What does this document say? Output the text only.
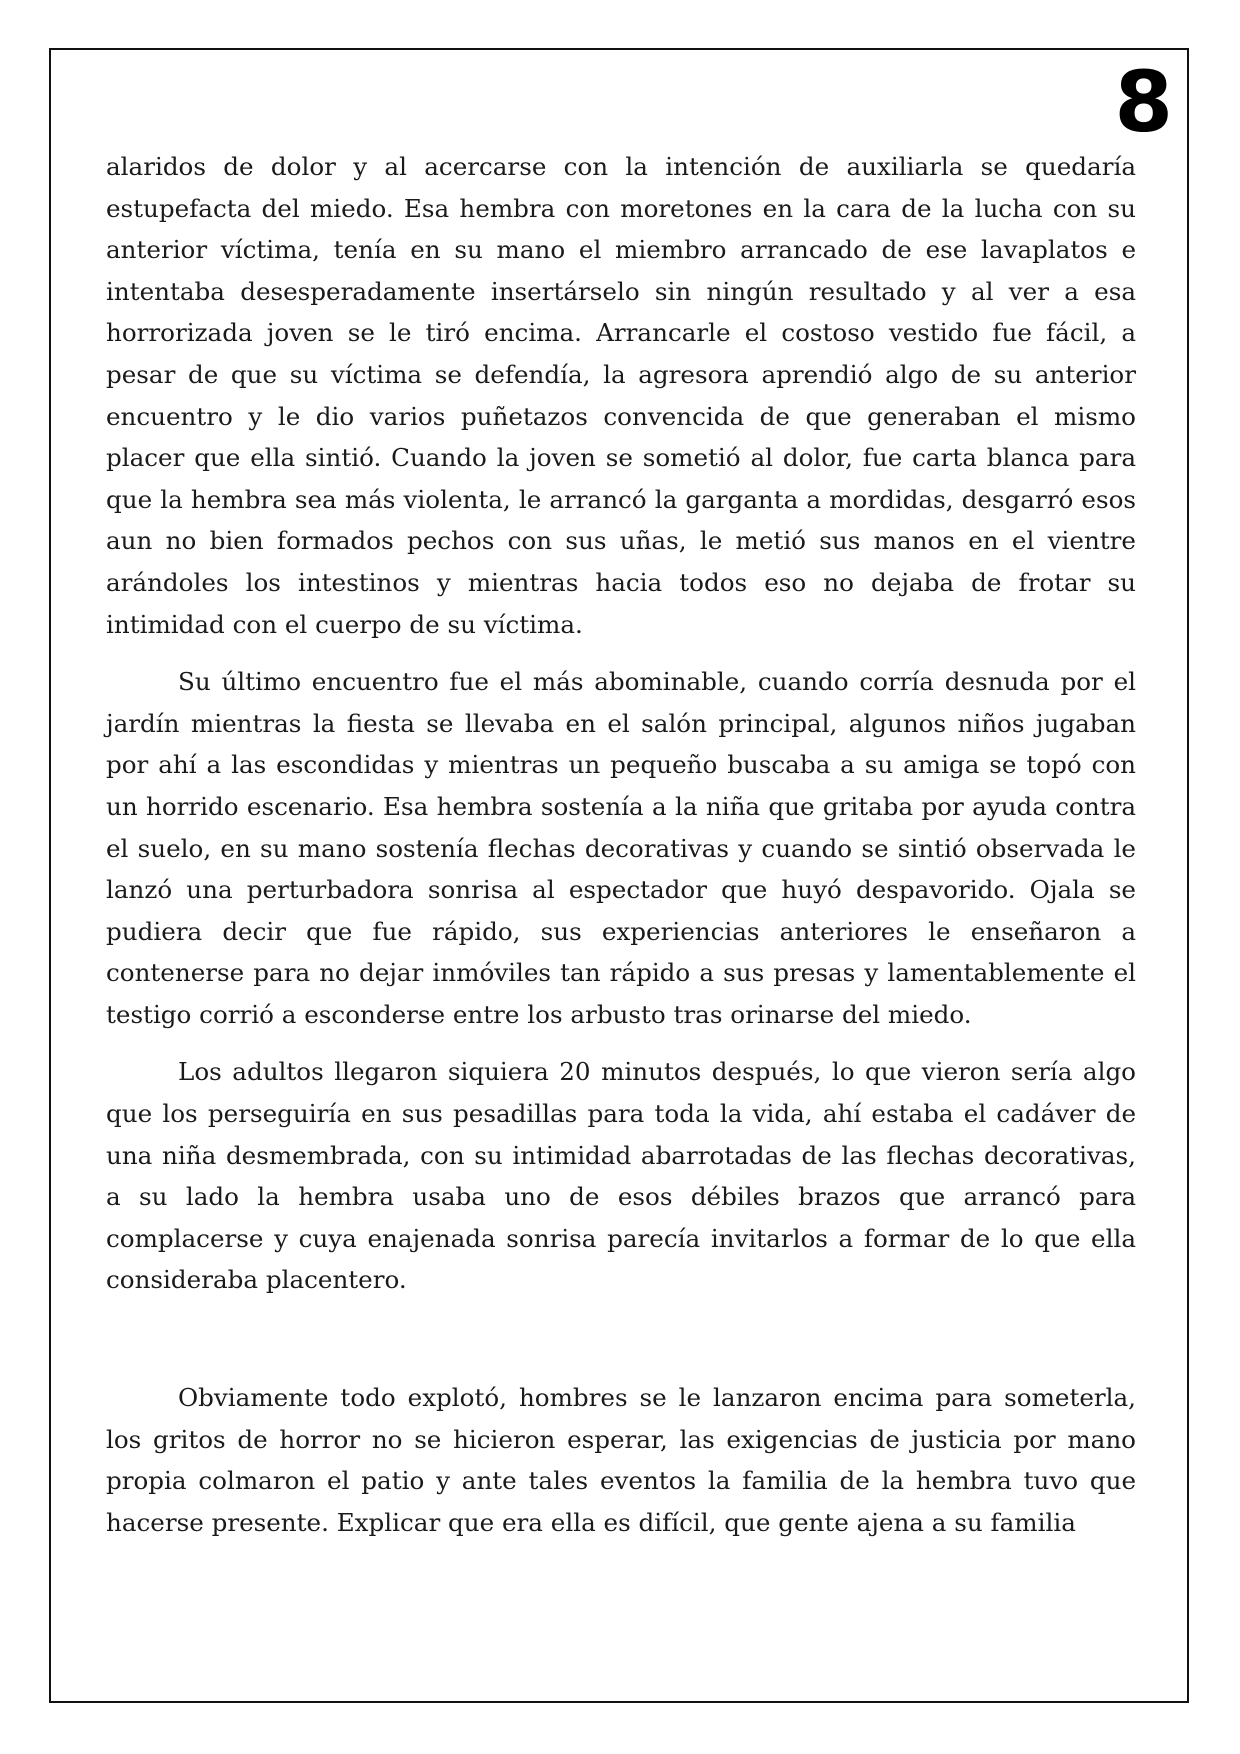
8

alaridos de dolor y al acercarse con la intención de auxiliarla se quedaría estupefacta del miedo. Esa hembra con moretones en la cara de la lucha con su anterior víctima, tenía en su mano el miembro arrancado de ese lavaplatos e intentaba desesperadamente insertárselo sin ningún resultado y al ver a esa horrorizada joven se le tiró encima. Arrancarle el costoso vestido fue fácil, a pesar de que su víctima se defendía, la agresora aprendió algo de su anterior encuentro y le dio varios puñetazos convencida de que generaban el mismo placer que ella sintió. Cuando la joven se sometió al dolor, fue carta blanca para que la hembra sea más violenta, le arrancó la garganta a mordidas, desgarró esos aun no bien formados pechos con sus uñas, le metió sus manos en el vientre arándoles los intestinos y mientras hacia todos eso no dejaba de frotar su intimidad con el cuerpo de su víctima.

Su último encuentro fue el más abominable, cuando corría desnuda por el jardín mientras la fiesta se llevaba en el salón principal, algunos niños jugaban por ahí a las escondidas y mientras un pequeño buscaba a su amiga se topó con un horrido escenario. Esa hembra sostenía a la niña que gritaba por ayuda contra el suelo, en su mano sostenía flechas decorativas y cuando se sintió observada le lanzó una perturbadora sonrisa al espectador que huyó despavorido. Ojala se pudiera decir que fue rápido, sus experiencias anteriores le enseñaron a contenerse para no dejar inmóviles tan rápido a sus presas y lamentablemente el testigo corrió a esconderse entre los arbusto tras orinarse del miedo.

Los adultos llegaron siquiera 20 minutos después, lo que vieron sería algo que los perseguiría en sus pesadillas para toda la vida, ahí estaba el cadáver de una niña desmembrada, con su intimidad abarrotadas de las flechas decorativas, a su lado la hembra usaba uno de esos débiles brazos que arrancó para complacerse y cuya enajenada sonrisa parecía invitarlos a formar de lo que ella consideraba placentero.

Obviamente todo explotó, hombres se le lanzaron encima para someterla, los gritos de horror no se hicieron esperar, las exigencias de justicia por mano propia colmaron el patio y ante tales eventos la familia de la hembra tuvo que hacerse presente. Explicar que era ella es difícil, que gente ajena a su familia
